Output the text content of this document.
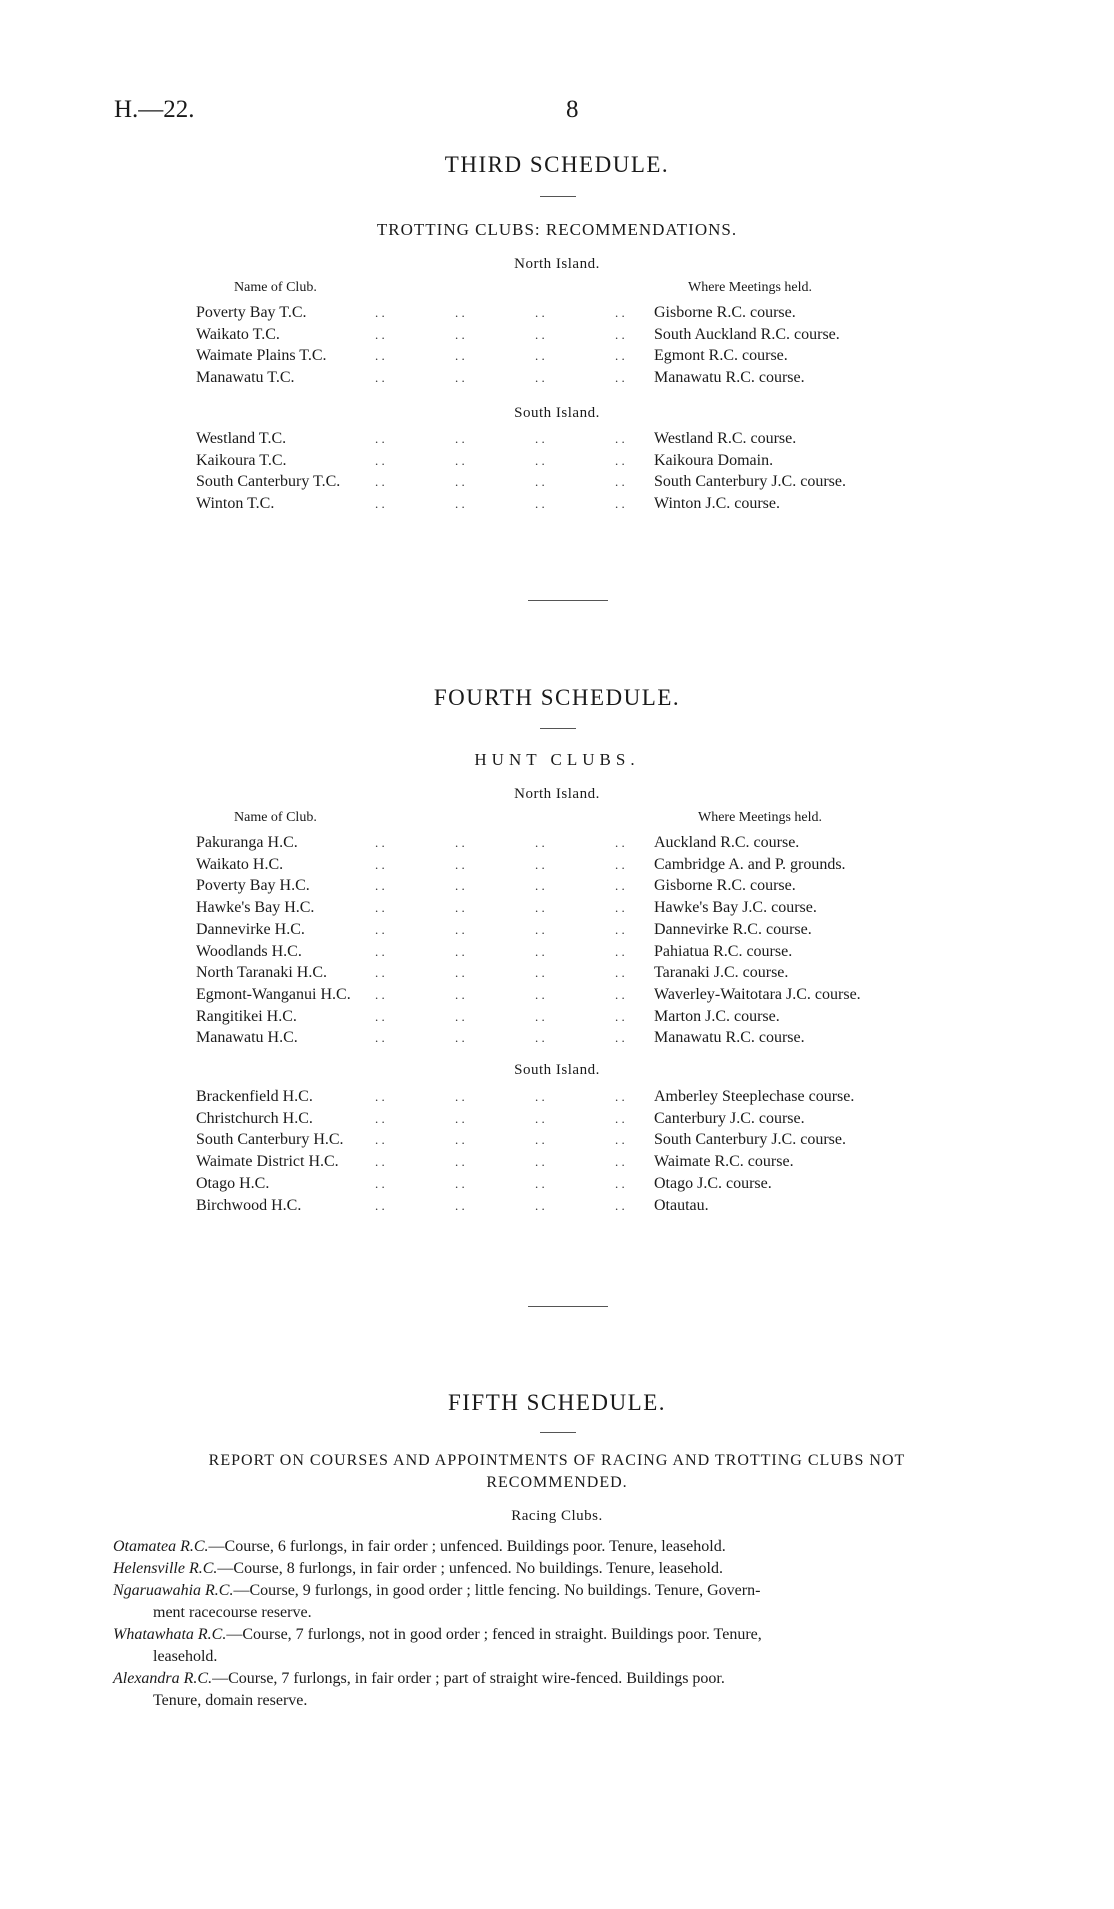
H.—22.	8
THIRD SCHEDULE.
TROTTING CLUBS: RECOMMENDATIONS.
North Island.
Name of Club.	Where Meetings held.
Poverty Bay T.C.	. .	. .	. .	. . Gisborne R.C. course.
Waikato T.C.	. .	. .	. .	. . South Auckland R.C. course.
Waimate Plains T.C.	. .	. .	. .	. . Egmont R.C. course.
Manawatu T.C.	. .	. .	. .	. . Manawatu R.C. course.
South Island.
Westland T.C.	. .	. .	. .	. . Westland R.C. course.
Kaikoura T.C.	. .	. .	. .	. . Kaikoura Domain.
South Canterbury T.C.	. .	. .	. .	. . South Canterbury J.C. course.
Winton T.C.	. .	. .	. .	. . Winton J.C. course.
FOURTH SCHEDULE.
HUNT CLUBS.
North Island.
Name of Club.	Where Meetings held.
Pakuranga H.C.	. .	. .	. .	. . Auckland R.C. course.
Waikato H.C.	. .	. .	. .	. . Cambridge A. and P. grounds.
Poverty Bay H.C.	. .	. .	. .	. . Gisborne R.C. course.
Hawke's Bay H.C.	. .	. .	. .	. . Hawke's Bay J.C. course.
Dannevirke H.C.	. .	. .	. .	. . Dannevirke R.C. course.
Woodlands H.C.	. .	. .	. .	. . Pahiatua R.C. course.
North Taranaki H.C.	. .	. .	. .	. . Taranaki J.C. course.
Egmont-Wanganui H.C. . .	. .	. .	. . Waverley-Waitotara J.C. course.
Rangitikei H.C.	. .	. .	. .	. . Marton J.C. course.
Manawatu H.C.	. .	. .	. .	. . Manawatu R.C. course.
South Island.
Brackenfield H.C.	. .	. .	. .	. . Amberley Steeplechase course.
Christchurch H.C.	. .	. .	. .	. . Canterbury J.C. course.
South Canterbury H.C. . .	. .	. .	. . South Canterbury J.C. course.
Waimate District H.C.	. .	. .	. .	. . Waimate R.C. course.
Otago H.C.	. .	. .	. .	. . Otago J.C. course.
Birchwood H.C.	. .	. .	. .	. . Otautau.
FIFTH SCHEDULE.
REPORT ON COURSES AND APPOINTMENTS OF RACING AND TROTTING CLUBS NOT
RECOMMENDED.
Racing Clubs.
Otamatea R.C.—Course, 6 furlongs, in fair order ; unfenced. Buildings poor. Tenure, leasehold.
Helensville R.C.—Course, 8 furlongs, in fair order ; unfenced. No buildings. Tenure, leasehold.
Ngaruawahia R.C.—Course, 9 furlongs, in good order ; little fencing. No buildings. Tenure, Govern-
ment racecourse reserve.
Whatawhata R.C.—Course, 7 furlongs, not in good order ; fenced in straight. Buildings poor. Tenure,
leasehold.
Alexandra R.C.—Course, 7 furlongs, in fair order ; part of straight wire-fenced. Buildings poor.
Tenure, domain reserve.
